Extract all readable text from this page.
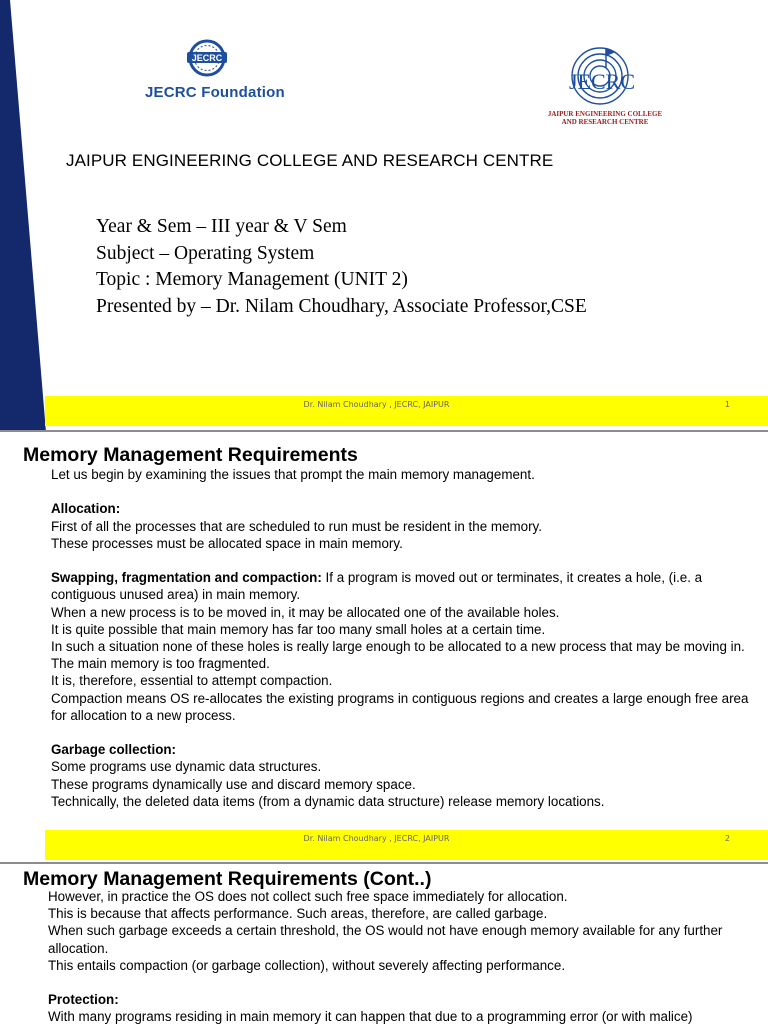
JECRC
JECRC Foundation	JECRC
JAIPUR ENGINEERING COLLEGE
AND RESEARCH CENTRE
JAIPUR ENGINEERING COLLEGE AND RESEARCH CENTRE
Year & Sem – III year & V Sem
Subject – Operating System
Topic : Memory Management (UNIT 2)
Presented by – Dr. Nilam Choudhary, Associate Professor,CSE
Dr. Nilam Choudhary , JECRC, JAIPUR	1
Memory Management Requirements

Let us begin by examining the issues that prompt the main memory management.

Allocation:

First of all the processes that are scheduled to run must be resident in the memory.

These processes must be allocated space in main memory.

Swapping, fragmentation and compaction: If a program is moved out or terminates, it creates a hole, (i.e. a contiguous unused area) in main memory.

When a new process is to be moved in, it may be allocated one of the available holes.

It is quite possible that main memory has far too many small holes at a certain time.

In such a situation none of these holes is really large enough to be allocated to a new process that may be moving in.

The main memory is too fragmented.

It is, therefore, essential to attempt compaction.

Compaction means OS re-allocates the existing programs in contiguous regions and creates a large enough free area for allocation to a new process.

Garbage collection:

Some programs use dynamic data structures.

These programs dynamically use and discard memory space.

Technically, the deleted data items (from a dynamic data structure) release memory locations.

Dr. Nilam Choudhary , JECRC, JAIPUR	2
Memory Management Requirements (Cont..)

However, in practice the OS does not collect such free space immediately for allocation.

This is because that affects performance. Such areas, therefore, are called garbage.

When such garbage exceeds a certain threshold, the OS would not have enough memory available for any further allocation.

This entails compaction (or garbage collection), without severely affecting performance.

Protection:

With many programs residing in main memory it can happen that due to a programming error (or with malice)
